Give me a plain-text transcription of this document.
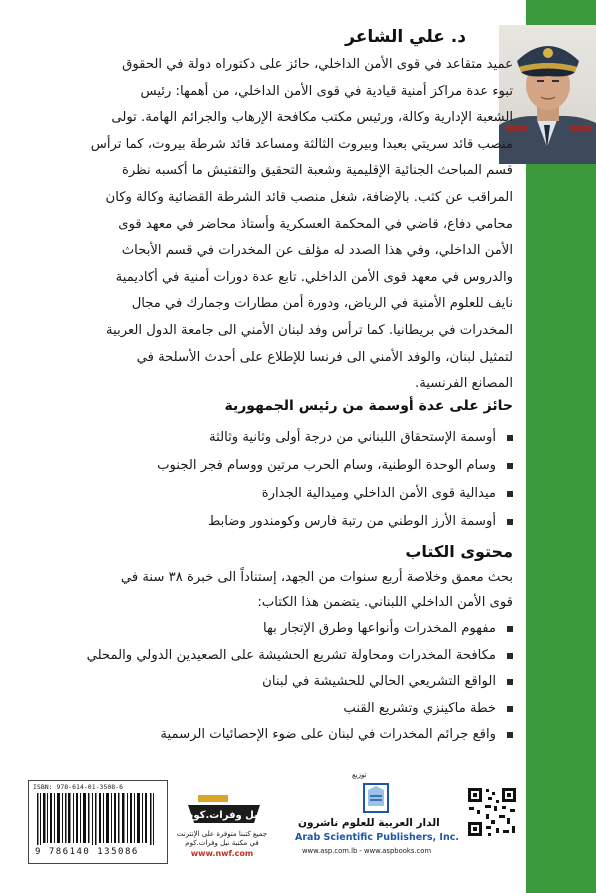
د. علي الشاعر
عميد متقاعد في قوى الأمن الداخلي، حائز على دكتوراه دولة في الحقوق
تبوء عدة مراكز أمنية قيادية في قوى الأمن الداخلي، من أهمها: رئيس
الشعبة الإدارية وكالة، ورئيس مكتب مكافحة الإرهاب والجرائم الهامة. تولى
منصب قائد سريتي بعبدا وبيروت الثالثة ومساعد قائد شرطة بيروت، كما ترأس
قسم المباحث الجنائية الإقليمية وشعبة التحقيق والتفتيش ما أكسبه نظرة
المراقب عن كثب. بالإضافة، شغل منصب قائد الشرطة القضائية وكالة وكان
محامي دفاع، قاضي في المحكمة العسكرية وأستاذ محاضر في معهد قوى
الأمن الداخلي، وفي هذا الصدد له مؤلف عن المخدرات في قسم الأبحاث
والدروس في معهد قوى الأمن الداخلي. تابع عدة دورات أمنية في أكاديمية
نايف للعلوم الأمنية في الرياض، ودورة أمن مطارات وجمارك في مجال
المخدرات في بريطانيا. كما ترأس وفد لبنان الأمني الى جامعة الدول العربية
لتمثيل لبنان، والوفد الأمني الى فرنسا للإطلاع على أحدث الأسلحة في
المصانع الفرنسية.
حائز على عدة أوسمة من رئيس الجمهورية
أوسمة الإستحقاق اللبناني من درجة أولى وثانية وثالثة
وسام الوحدة الوطنية، وسام الحرب مرتين ووسام فجر الجنوب
ميدالية قوى الأمن الداخلي وميدالية الجدارة
أوسمة الأرز الوطني من رتبة فارس وكومندور وضابط
محتوى الكتاب
بحث معمق وخلاصة أربع سنوات من الجهد، إستناداً الى خبرة ٣٨ سنة في
قوى الأمن الداخلي اللبناني. يتضمن هذا الكتاب:
مفهوم المخدرات وأنواعها وطرق الإتجار بها
مكافحة المخدرات ومحاولة تشريع الحشيشة على الصعيدين الدولي والمحلي
الواقع التشريعي الحالي للحشيشة في لبنان
خطة ماكينزي وتشريع القنب
واقع جرائم المخدرات في لبنان على ضوء الإحصائيات الرسمية
ISBN: 978-614-01-3508-6
9 786140 135086
نيل وفرات.كوم
جميع كتبنا متوفرة على الإنترنت
في مكتبة نيل وفرات.كوم
www.nwf.com
توزيع
الدار العربية للعلوم ناشرون
Arab Scientific Publishers, Inc.
www.asp.com.lb - www.aspbooks.com
